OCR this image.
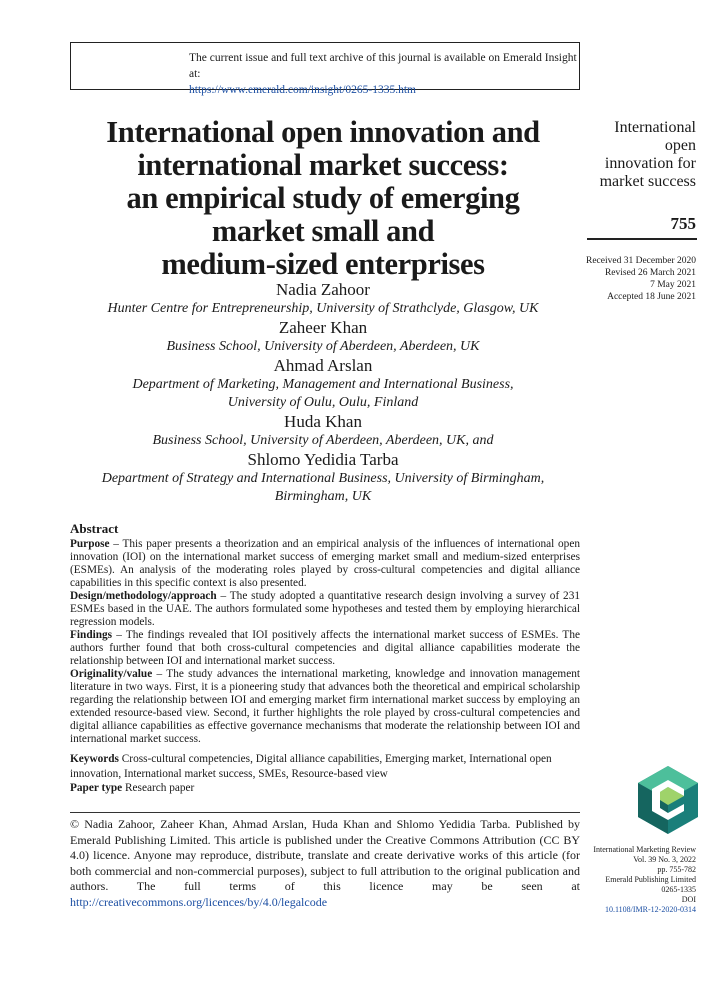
The current issue and full text archive of this journal is available on Emerald Insight at:
https://www.emerald.com/insight/0265-1335.htm
International open innovation and
international market success:
an empirical study of emerging
market small and
medium-sized enterprises
International
open
innovation for
market success
755
Received 31 December 2020
Revised 26 March 2021
7 May 2021
Accepted 18 June 2021
Nadia Zahoor
Hunter Centre for Entrepreneurship, University of Strathclyde, Glasgow, UK
Zaheer Khan
Business School, University of Aberdeen, Aberdeen, UK
Ahmad Arslan
Department of Marketing, Management and International Business,
University of Oulu, Oulu, Finland
Huda Khan
Business School, University of Aberdeen, Aberdeen, UK, and
Shlomo Yedidia Tarba
Department of Strategy and International Business, University of Birmingham,
Birmingham, UK
Abstract

Purpose – This paper presents a theorization and an empirical analysis of the influences of international open innovation (IOI) on the international market success of emerging market small and medium-sized enterprises (ESMEs). An analysis of the moderating roles played by cross-cultural competencies and digital alliance capabilities in this specific context is also presented.

Design/methodology/approach – The study adopted a quantitative research design involving a survey of 231 ESMEs based in the UAE. The authors formulated some hypotheses and tested them by employing hierarchical regression models.

Findings – The findings revealed that IOI positively affects the international market success of ESMEs. The authors further found that both cross-cultural competencies and digital alliance capabilities moderate the relationship between IOI and international market success.

Originality/value – The study advances the international marketing, knowledge and innovation management literature in two ways. First, it is a pioneering study that advances both the theoretical and empirical scholarship regarding the relationship between IOI and emerging market firm international market success by employing an extended resource-based view. Second, it further highlights the role played by cross-cultural competencies and digital alliance capabilities as effective governance mechanisms that moderate the relationship between IOI and international market success.

Keywords Cross-cultural competencies, Digital alliance capabilities, Emerging market, International open innovation, International market success, SMEs, Resource-based view

Paper type Research paper

© Nadia Zahoor, Zaheer Khan, Ahmad Arslan, Huda Khan and Shlomo Yedidia Tarba. Published by Emerald Publishing Limited. This article is published under the Creative Commons Attribution (CC BY 4.0) licence. Anyone may reproduce, distribute, translate and create derivative works of this article (for both commercial and non-commercial purposes), subject to full attribution to the original publication and authors. The full terms of this licence may be seen at http://creativecommons.org/licences/by/4.0/legalcode
International Marketing Review
Vol. 39 No. 3, 2022
pp. 755-782
Emerald Publishing Limited
0265-1335
DOI
10.1108/IMR-12-2020-0314
